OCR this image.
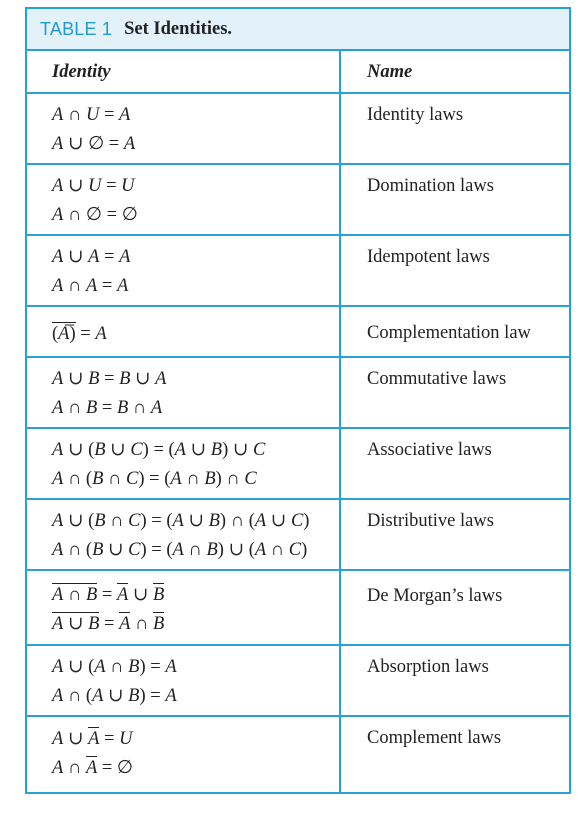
TABLE 1 Set Identities.
Identity	Name
A ∩ U = A
A ∪ ∅ = A
Identity laws
A ∪ U = U
A ∩ ∅ = ∅
Domination laws
A ∪ A = A
A ∩ A = A
Idempotent laws
(A̅) = A	Complementation law
A ∪ B = B ∪ A
A ∩ B = B ∩ A
Commutative laws
A ∪ (B ∪ C) = (A ∪ B) ∪ C
A ∩ (B ∩ C) = (A ∩ B) ∩ C
Associative laws
A ∪ (B ∩ C) = (A ∪ B) ∩ (A ∪ C)
A ∩ (B ∪ C) = (A ∩ B) ∪ (A ∩ C)
Distributive laws
A ∩ B = A ∪ B
A ∪ B = A ∩ B
De Morgan’s laws
A ∪ (A ∩ B) = A
A ∩ (A ∪ B) = A
Absorption laws
A ∪ A = U
A ∩ A = ∅
Complement laws
